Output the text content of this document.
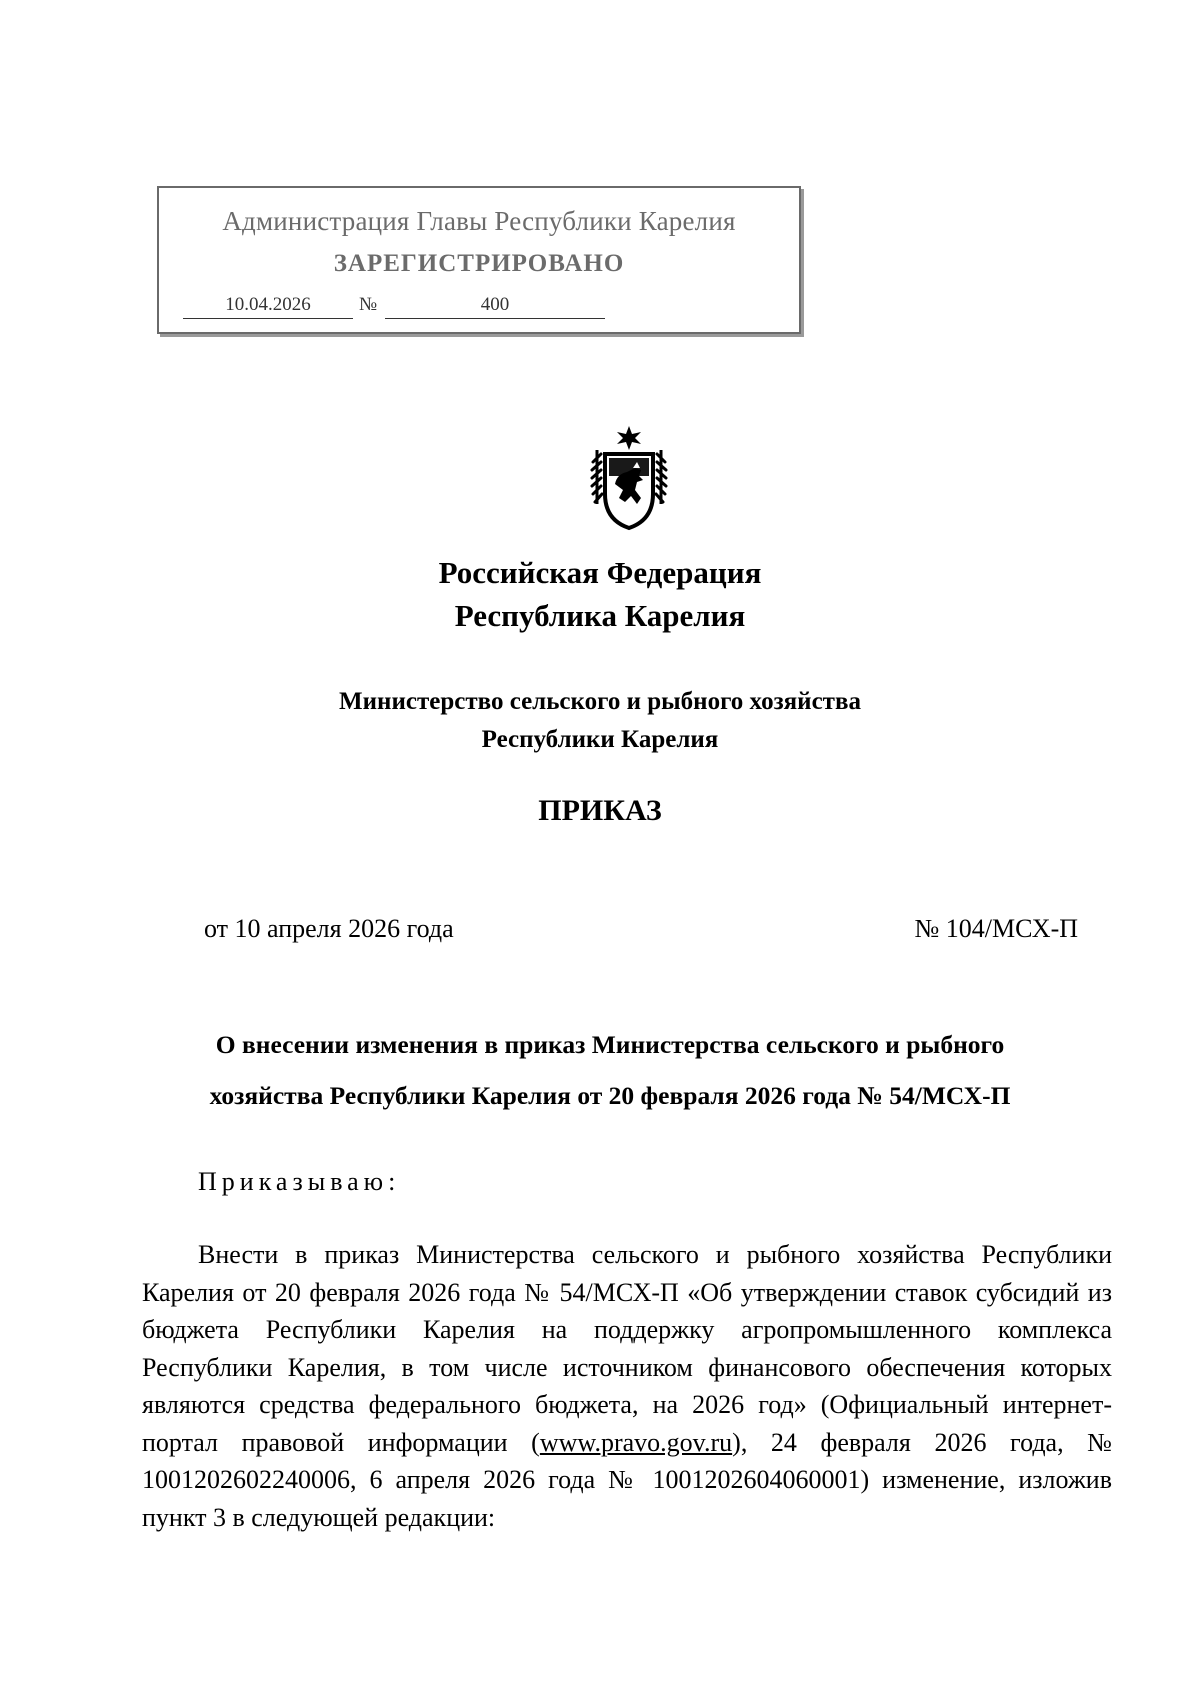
Администрация Главы Республики Карелия
ЗАРЕГИСТРИРОВАНО
10.04.2026	№	400
Российская Федерация
Республика Карелия
Министерство сельского и рыбного хозяйства
Республики Карелия
ПРИКАЗ
от 10 апреля 2026 года	№ 104/МСХ-П
О внесении изменения в приказ Министерства сельского и рыбного
хозяйства Республики Карелия от 20 февраля 2026 года № 54/МСХ-П
Приказываю:
Внести в приказ Министерства сельского и рыбного хозяйства Республики Карелия от 20 февраля 2026 года № 54/МСХ-П «Об утверждении ставок субсидий из бюджета Республики Карелия на поддержку агропромышленного комплекса Республики Карелия, в том числе источником финансового обеспечения которых являются средства федерального бюджета, на 2026 год» (Официальный интернет-портал правовой информации (www.pravo.gov.ru), 24 февраля 2026 года, № 1001202602240006, 6 апреля 2026 года № 1001202604060001) изменение, изложив пункт 3 в следующей редакции:
